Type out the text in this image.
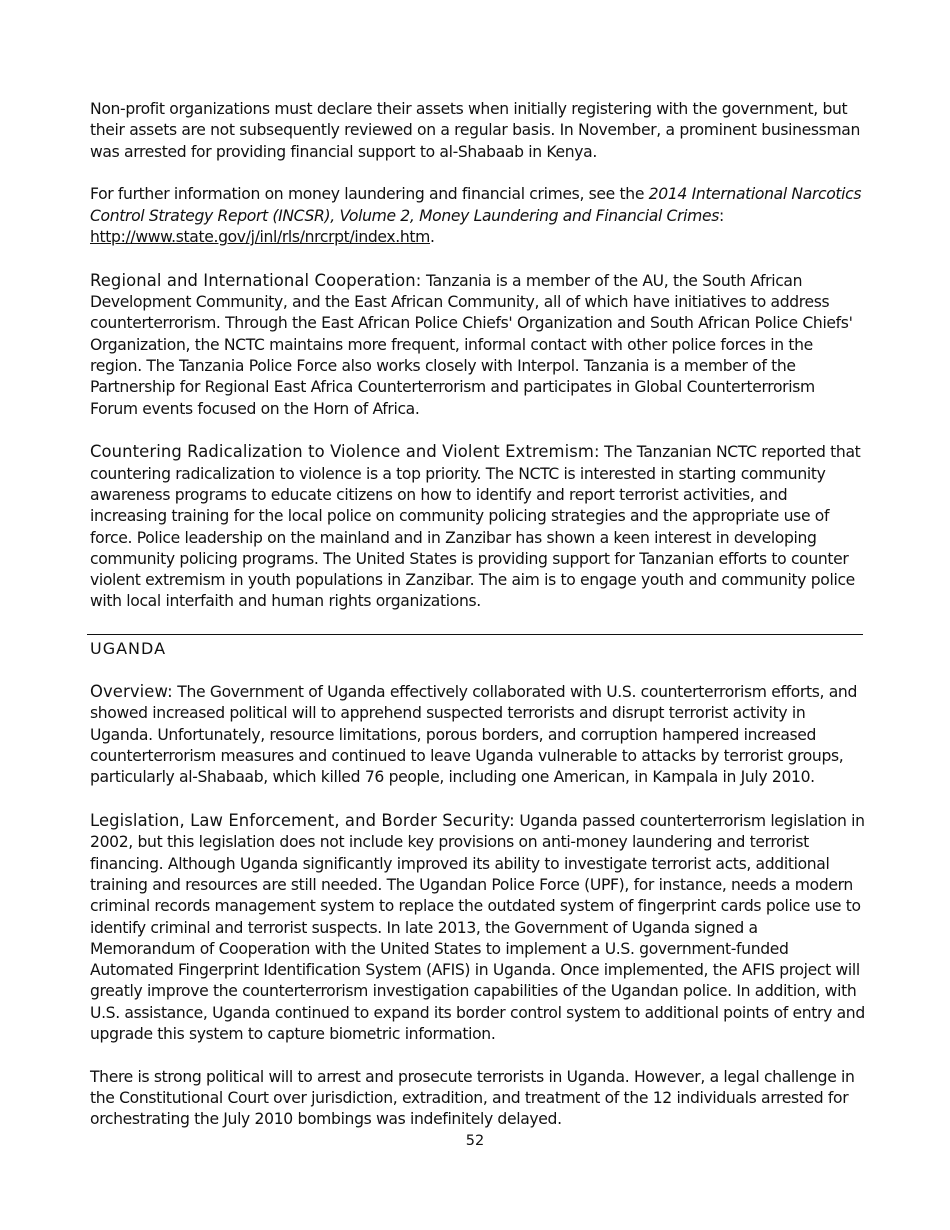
Non-profit organizations must declare their assets when initially registering with the government, but their assets are not subsequently reviewed on a regular basis. In November, a prominent businessman was arrested for providing financial support to al-Shabaab in Kenya.

For further information on money laundering and financial crimes, see the 2014 International Narcotics Control Strategy Report (INCSR), Volume 2, Money Laundering and Financial Crimes: http://www.state.gov/j/inl/rls/nrcrpt/index.htm.

Regional and International Cooperation: Tanzania is a member of the AU, the South African Development Community, and the East African Community, all of which have initiatives to address counterterrorism. Through the East African Police Chiefs' Organization and South African Police Chiefs' Organization, the NCTC maintains more frequent, informal contact with other police forces in the region. The Tanzania Police Force also works closely with Interpol. Tanzania is a member of the Partnership for Regional East Africa Counterterrorism and participates in Global Counterterrorism Forum events focused on the Horn of Africa.

Countering Radicalization to Violence and Violent Extremism: The Tanzanian NCTC reported that countering radicalization to violence is a top priority. The NCTC is interested in starting community awareness programs to educate citizens on how to identify and report terrorist activities, and increasing training for the local police on community policing strategies and the appropriate use of force. Police leadership on the mainland and in Zanzibar has shown a keen interest in developing community policing programs. The United States is providing support for Tanzanian efforts to counter violent extremism in youth populations in Zanzibar. The aim is to engage youth and community police with local interfaith and human rights organizations.

UGANDA

Overview: The Government of Uganda effectively collaborated with U.S. counterterrorism efforts, and showed increased political will to apprehend suspected terrorists and disrupt terrorist activity in Uganda. Unfortunately, resource limitations, porous borders, and corruption hampered increased counterterrorism measures and continued to leave Uganda vulnerable to attacks by terrorist groups, particularly al-Shabaab, which killed 76 people, including one American, in Kampala in July 2010.

Legislation, Law Enforcement, and Border Security: Uganda passed counterterrorism legislation in 2002, but this legislation does not include key provisions on anti-money laundering and terrorist financing. Although Uganda significantly improved its ability to investigate terrorist acts, additional training and resources are still needed. The Ugandan Police Force (UPF), for instance, needs a modern criminal records management system to replace the outdated system of fingerprint cards police use to identify criminal and terrorist suspects. In late 2013, the Government of Uganda signed a Memorandum of Cooperation with the United States to implement a U.S. government-funded Automated Fingerprint Identification System (AFIS) in Uganda. Once implemented, the AFIS project will greatly improve the counterterrorism investigation capabilities of the Ugandan police. In addition, with U.S. assistance, Uganda continued to expand its border control system to additional points of entry and upgrade this system to capture biometric information.

There is strong political will to arrest and prosecute terrorists in Uganda. However, a legal challenge in the Constitutional Court over jurisdiction, extradition, and treatment of the 12 individuals arrested for orchestrating the July 2010 bombings was indefinitely delayed.

52
